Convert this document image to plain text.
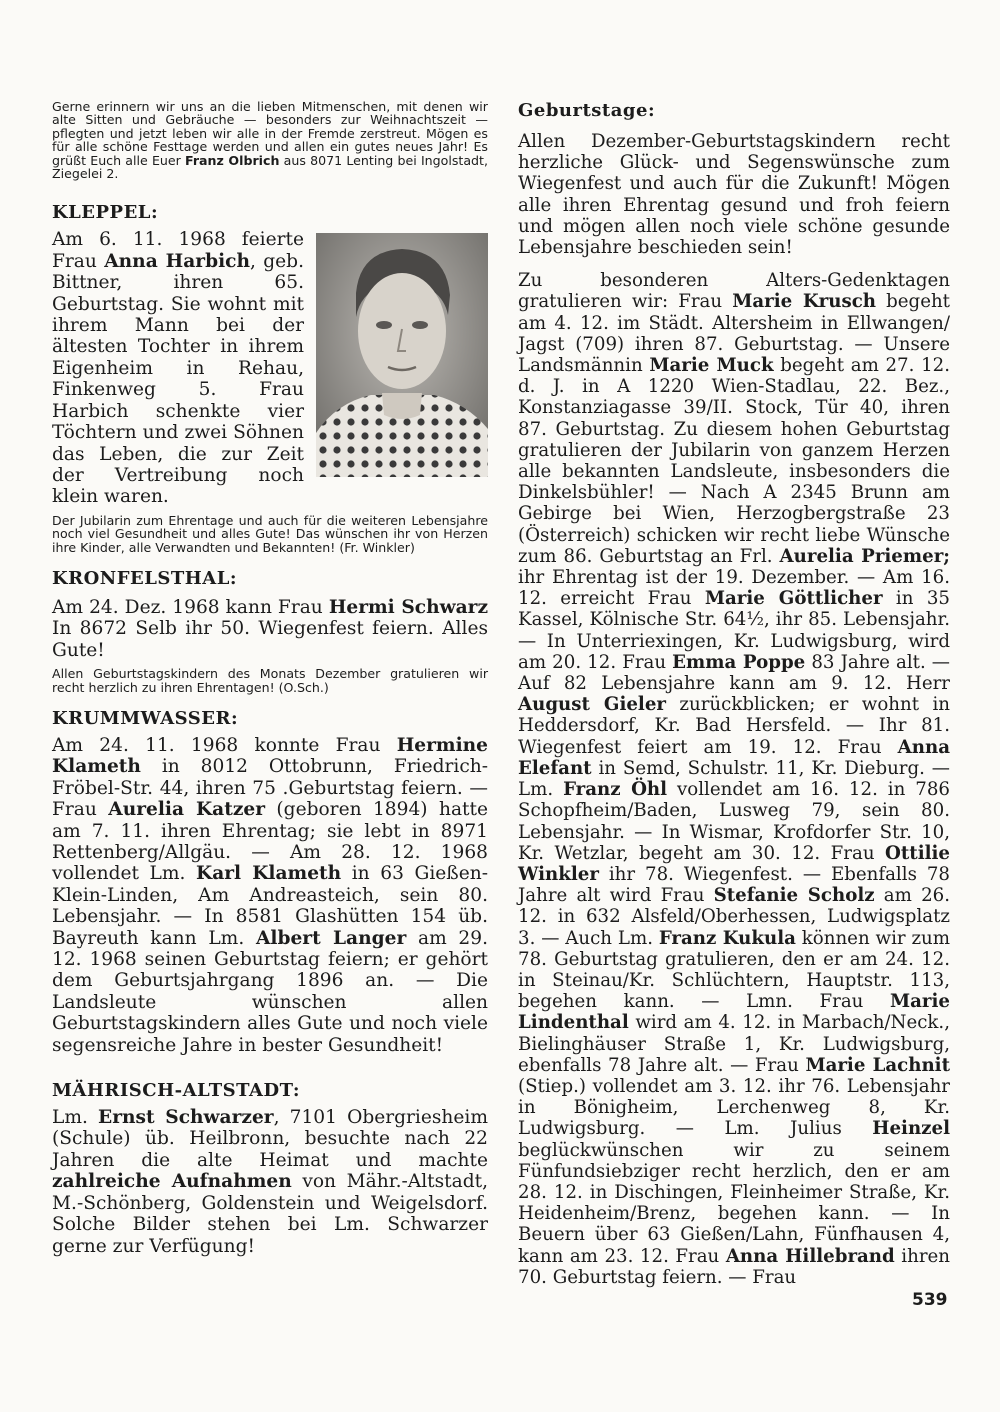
Gerne erinnern wir uns an die lieben Mitmenschen, mit denen wir alte Sitten und Gebräuche — besonders zur Weihnachtszeit — pflegten und jetzt leben wir alle in der Fremde zerstreut. Mögen es für alle schöne Festtage werden und allen ein gutes neues Jahr! Es grüßt Euch alle Euer Franz Olbrich aus 8071 Lenting bei Ingolstadt, Ziegelei 2.

KLEPPEL:

Am 6. 11. 1968 feierte Frau Anna Harbich, geb. Bittner, ihren 65. Geburtstag. Sie wohnt mit ihrem Mann bei der ältesten Tochter in ihrem Eigenheim in Rehau, Finkenweg 5. Frau Harbich schenkte vier Töchtern und zwei Söhnen das Leben, die zur Zeit der Vertreibung noch klein waren.

Der Jubilarin zum Ehrentage und auch für die weiteren Lebensjahre noch viel Gesundheit und alles Gute! Das wünschen ihr von Herzen ihre Kinder, alle Verwandten und Bekannten! (Fr. Winkler)

KRONFELSTHAL:

Am 24. Dez. 1968 kann Frau Hermi Schwarz In 8672 Selb ihr 50. Wiegenfest feiern. Alles Gute!

Allen Geburtstagskindern des Monats Dezember gratulieren wir recht herzlich zu ihren Ehrentagen! (O.Sch.)

KRUMMWASSER:

Am 24. 11. 1968 konnte Frau Hermine Klameth in 8012 Ottobrunn, Friedrich-Fröbel-Str. 44, ihren 75 .Geburtstag feiern. — Frau Aurelia Katzer (geboren 1894) hatte am 7. 11. ihren Ehrentag; sie lebt in 8971 Rettenberg/Allgäu. — Am 28. 12. 1968 vollendet Lm. Karl Klameth in 63 Gießen-Klein-Linden, Am Andreasteich, sein 80. Lebensjahr. — In 8581 Glashütten 154 üb. Bayreuth kann Lm. Albert Langer am 29. 12. 1968 seinen Geburtstag feiern; er gehört dem Geburtsjahrgang 1896 an. — Die Landsleute wünschen allen Geburtstagskindern alles Gute und noch viele segensreiche Jahre in bester Gesundheit!

MÄHRISCH-ALTSTADT:

Lm. Ernst Schwarzer, 7101 Obergriesheim (Schule) üb. Heilbronn, besuchte nach 22 Jahren die alte Heimat und machte zahlreiche Aufnahmen von Mähr.-Altstadt, M.-Schönberg, Goldenstein und Weigelsdorf. Solche Bilder stehen bei Lm. Schwarzer gerne zur Verfügung!

Geburtstage:

Allen Dezember-Geburtstagskindern recht herzliche Glück- und Segenswünsche zum Wiegenfest und auch für die Zukunft! Mögen alle ihren Ehrentag gesund und froh feiern und mögen allen noch viele schöne gesunde Lebensjahre beschieden sein!

Zu besonderen Alters-Gedenktagen gratulieren wir: Frau Marie Krusch begeht am 4. 12. im Städt. Altersheim in Ellwangen/ Jagst (709) ihren 87. Geburtstag. — Unsere Landsmännin Marie Muck begeht am 27. 12. d. J. in A 1220 Wien-Stadlau, 22. Bez., Konstanziagasse 39/II. Stock, Tür 40, ihren 87. Geburtstag. Zu diesem hohen Geburtstag gratulieren der Jubilarin von ganzem Herzen alle bekannten Landsleute, insbesonders die Dinkelsbühler! — Nach A 2345 Brunn am Gebirge bei Wien, Herzogbergstraße 23 (Österreich) schicken wir recht liebe Wünsche zum 86. Geburtstag an Frl. Aurelia Priemer; ihr Ehrentag ist der 19. Dezember. — Am 16. 12. erreicht Frau Marie Göttlicher in 35 Kassel, Kölnische Str. 64½, ihr 85. Lebensjahr. — In Unterriexingen, Kr. Ludwigsburg, wird am 20. 12. Frau Emma Poppe 83 Jahre alt. — Auf 82 Lebensjahre kann am 9. 12. Herr August Gieler zurückblicken; er wohnt in Heddersdorf, Kr. Bad Hersfeld. — Ihr 81. Wiegenfest feiert am 19. 12. Frau Anna Elefant in Semd, Schulstr. 11, Kr. Dieburg. — Lm. Franz Öhl vollendet am 16. 12. in 786 Schopfheim/Baden, Lusweg 79, sein 80. Lebensjahr. — In Wismar, Krofdorfer Str. 10, Kr. Wetzlar, begeht am 30. 12. Frau Ottilie Winkler ihr 78. Wiegenfest. — Ebenfalls 78 Jahre alt wird Frau Stefanie Scholz am 26. 12. in 632 Alsfeld/Oberhessen, Ludwigsplatz 3. — Auch Lm. Franz Kukula können wir zum 78. Geburtstag gratulieren, den er am 24. 12. in Steinau/Kr. Schlüchtern, Hauptstr. 113, begehen kann. — Lmn. Frau Marie Lindenthal wird am 4. 12. in Marbach/Neck., Bielinghäuser Straße 1, Kr. Ludwigsburg, ebenfalls 78 Jahre alt. — Frau Marie Lachnit (Stiep.) vollendet am 3. 12. ihr 76. Lebensjahr in Bönigheim, Lerchenweg 8, Kr. Ludwigsburg. — Lm. Julius Heinzel beglückwünschen wir zu seinem Fünfundsiebziger recht herzlich, den er am 28. 12. in Dischingen, Fleinheimer Straße, Kr. Heidenheim/Brenz, begehen kann. — In Beuern über 63 Gießen/Lahn, Fünfhausen 4, kann am 23. 12. Frau Anna Hillebrand ihren 70. Geburtstag feiern. — Frau

539
